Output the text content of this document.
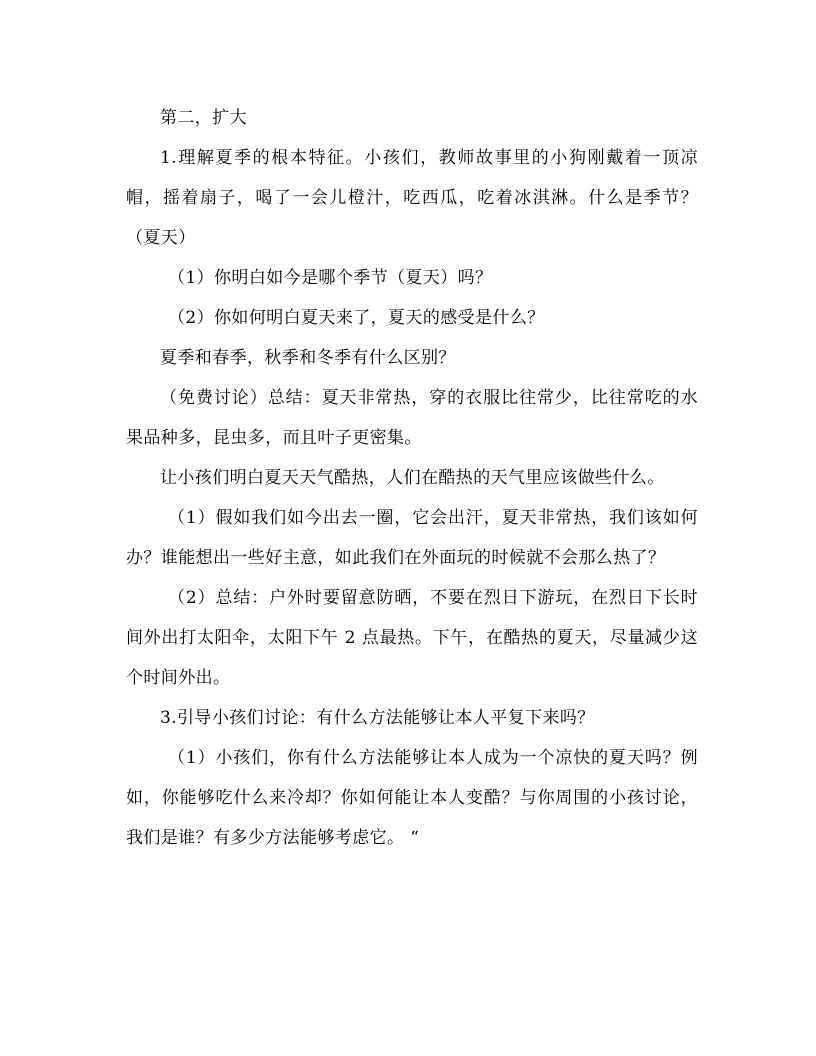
第二，扩大

1.理解夏季的根本特征。小孩们，教师故事里的小狗刚戴着一顶凉帽，摇着扇子，喝了一会儿橙汁，吃西瓜，吃着冰淇淋。什么是季节？（夏天）

（1）你明白如今是哪个季节（夏天）吗？

（2）你如何明白夏天来了，夏天的感受是什么？

夏季和春季，秋季和冬季有什么区别？

（免费讨论）总结：夏天非常热，穿的衣服比往常少，比往常吃的水果品种多，昆虫多，而且叶子更密集。

让小孩们明白夏天天气酷热，人们在酷热的天气里应该做些什么。

（1）假如我们如今出去一圈，它会出汗，夏天非常热，我们该如何办？谁能想出一些好主意，如此我们在外面玩的时候就不会那么热了？

（2）总结：户外时要留意防晒，不要在烈日下游玩，在烈日下长时间外出打太阳伞，太阳下午 2 点最热。下午，在酷热的夏天，尽量减少这个时间外出。

3.引导小孩们讨论：有什么方法能够让本人平复下来吗？

（1）小孩们，你有什么方法能够让本人成为一个凉快的夏天吗？例如，你能够吃什么来冷却？你如何能让本人变酷？与你周围的小孩讨论，我们是谁？有多少方法能够考虑它。 “
